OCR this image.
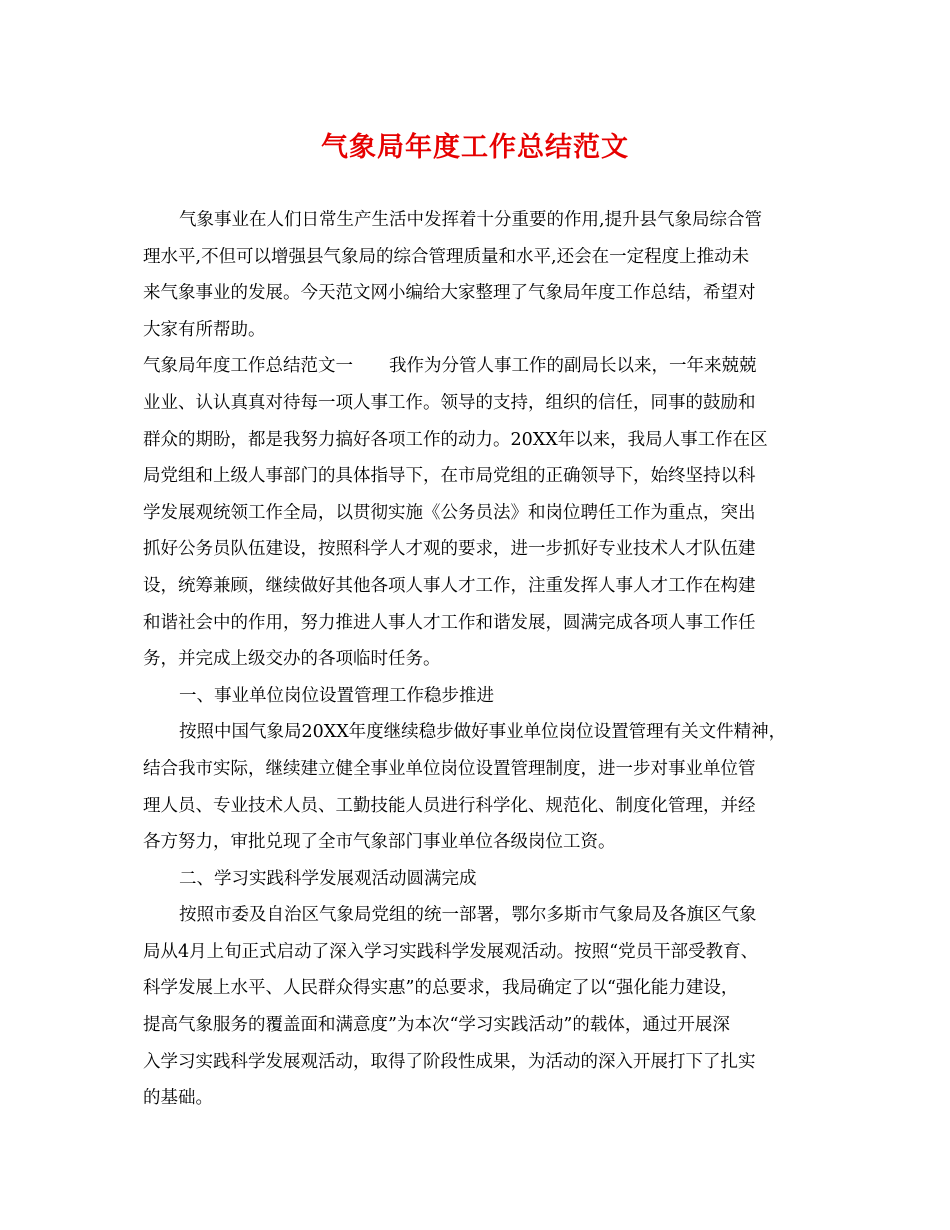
气象局年度工作总结范文
气象事业在人们日常生产生活中发挥着十分重要的作用,提升县气象局综合管
理水平,不但可以增强县气象局的综合管理质量和水平,还会在一定程度上推动未
来气象事业的发展。今天范文网小编给大家整理了气象局年度工作总结，希望对
大家有所帮助。
气象局年度工作总结范文一 我作为分管人事工作的副局长以来，一年来兢兢
业业、认认真真对待每一项人事工作。领导的支持，组织的信任，同事的鼓励和
群众的期盼，都是我努力搞好各项工作的动力。20XX年以来，我局人事工作在区
局党组和上级人事部门的具体指导下，在市局党组的正确领导下，始终坚持以科
学发展观统领工作全局，以贯彻实施《公务员法》和岗位聘任工作为重点，突出
抓好公务员队伍建设，按照科学人才观的要求，进一步抓好专业技术人才队伍建
设，统筹兼顾，继续做好其他各项人事人才工作，注重发挥人事人才工作在构建
和谐社会中的作用，努力推进人事人才工作和谐发展，圆满完成各项人事工作任
务，并完成上级交办的各项临时任务。
一、事业单位岗位设置管理工作稳步推进
按照中国气象局20XX年度继续稳步做好事业单位岗位设置管理有关文件精神，
结合我市实际，继续建立健全事业单位岗位设置管理制度，进一步对事业单位管
理人员、专业技术人员、工勤技能人员进行科学化、规范化、制度化管理，并经
各方努力，审批兑现了全市气象部门事业单位各级岗位工资。
二、学习实践科学发展观活动圆满完成
按照市委及自治区气象局党组的统一部署，鄂尔多斯市气象局及各旗区气象
局从4月上旬正式启动了深入学习实践科学发展观活动。按照“党员干部受教育、
科学发展上水平、人民群众得实惠”的总要求，我局确定了以“强化能力建设，
提高气象服务的覆盖面和满意度”为本次“学习实践活动”的载体，通过开展深
入学习实践科学发展观活动，取得了阶段性成果，为活动的深入开展打下了扎实
的基础。
